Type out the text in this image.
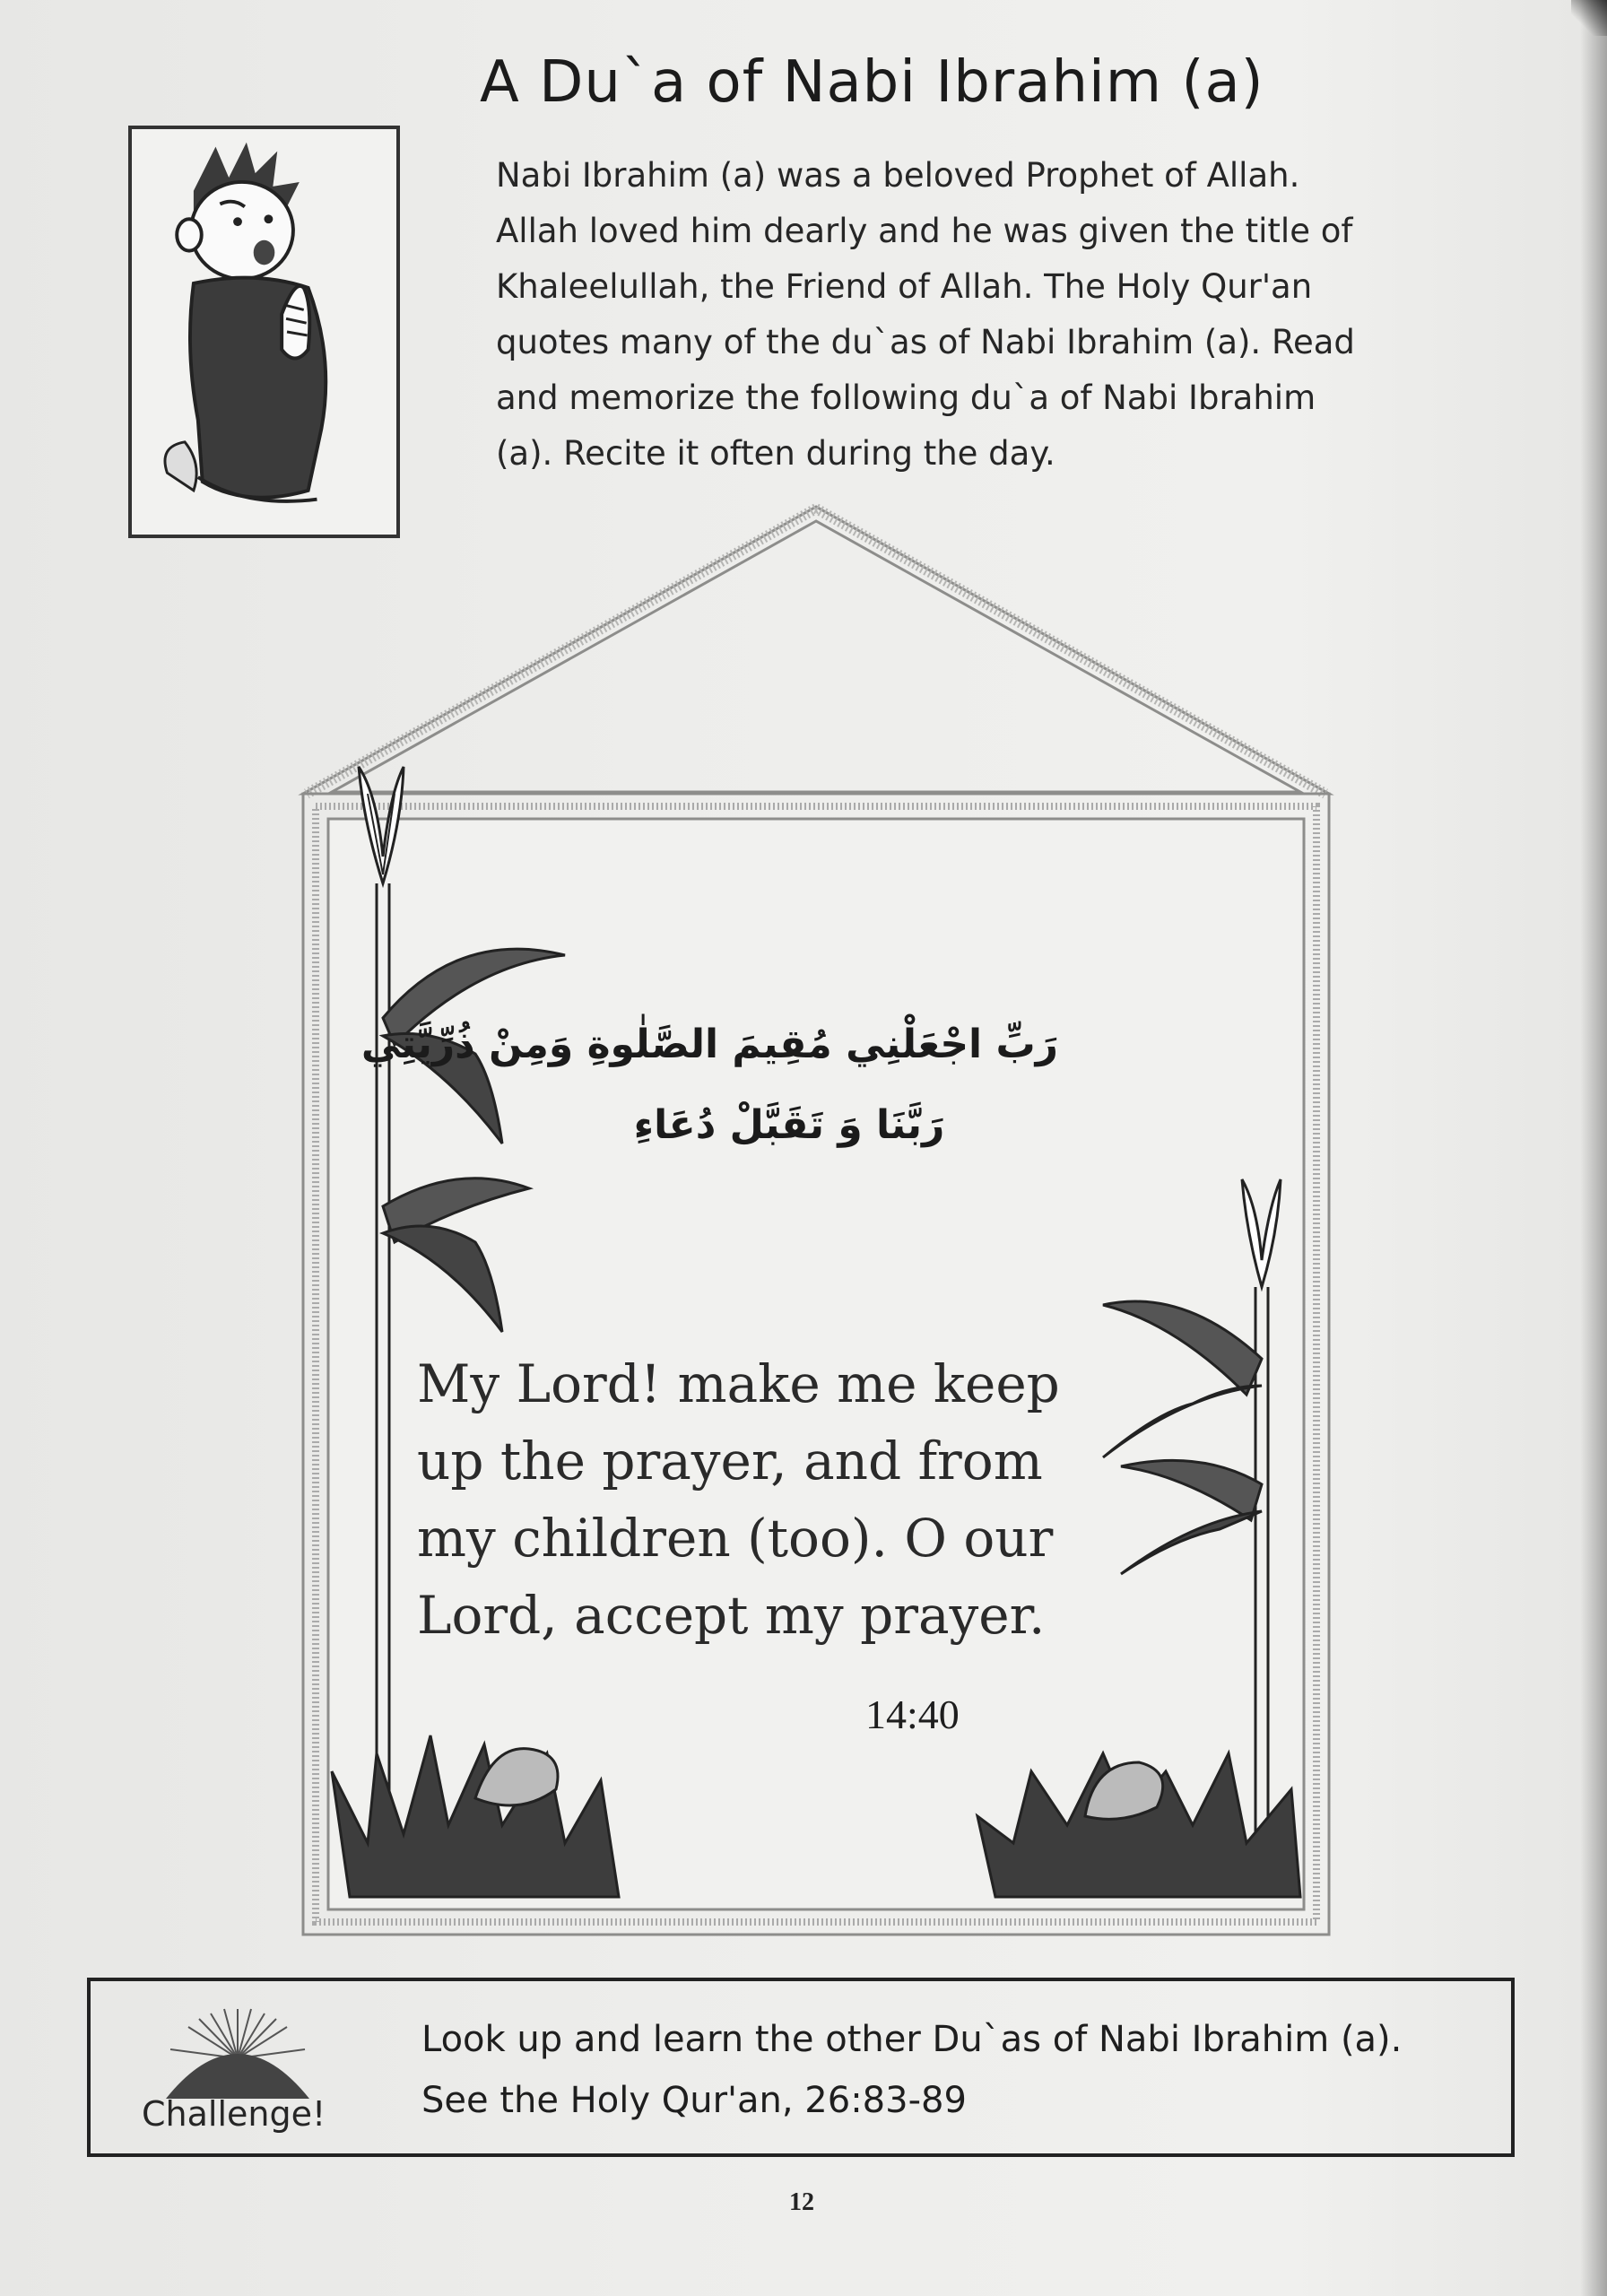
A Du`a of Nabi Ibrahim (a)

Nabi Ibrahim (a) was a beloved Prophet of Allah. Allah loved him dearly and he was given the title of Khaleelullah, the Friend of Allah. The Holy Qur'an quotes many of the du`as of Nabi Ibrahim (a). Read and memorize the following du`a of Nabi Ibrahim (a). Recite it often during the day.

رَبِّ اجْعَلْنِي مُقِيمَ الصَّلٰوةِ وَمِنْ ذُرِّيَّتِي
رَبَّنَا وَ تَقَبَّلْ دُعَاءِ

My Lord! make me keep up the prayer, and from my children (too). O our Lord, accept my prayer.

14:40
Challenge!
Look up and learn the other Du`as of Nabi Ibrahim (a).
See the Holy Qur'an, 26:83-89
12
